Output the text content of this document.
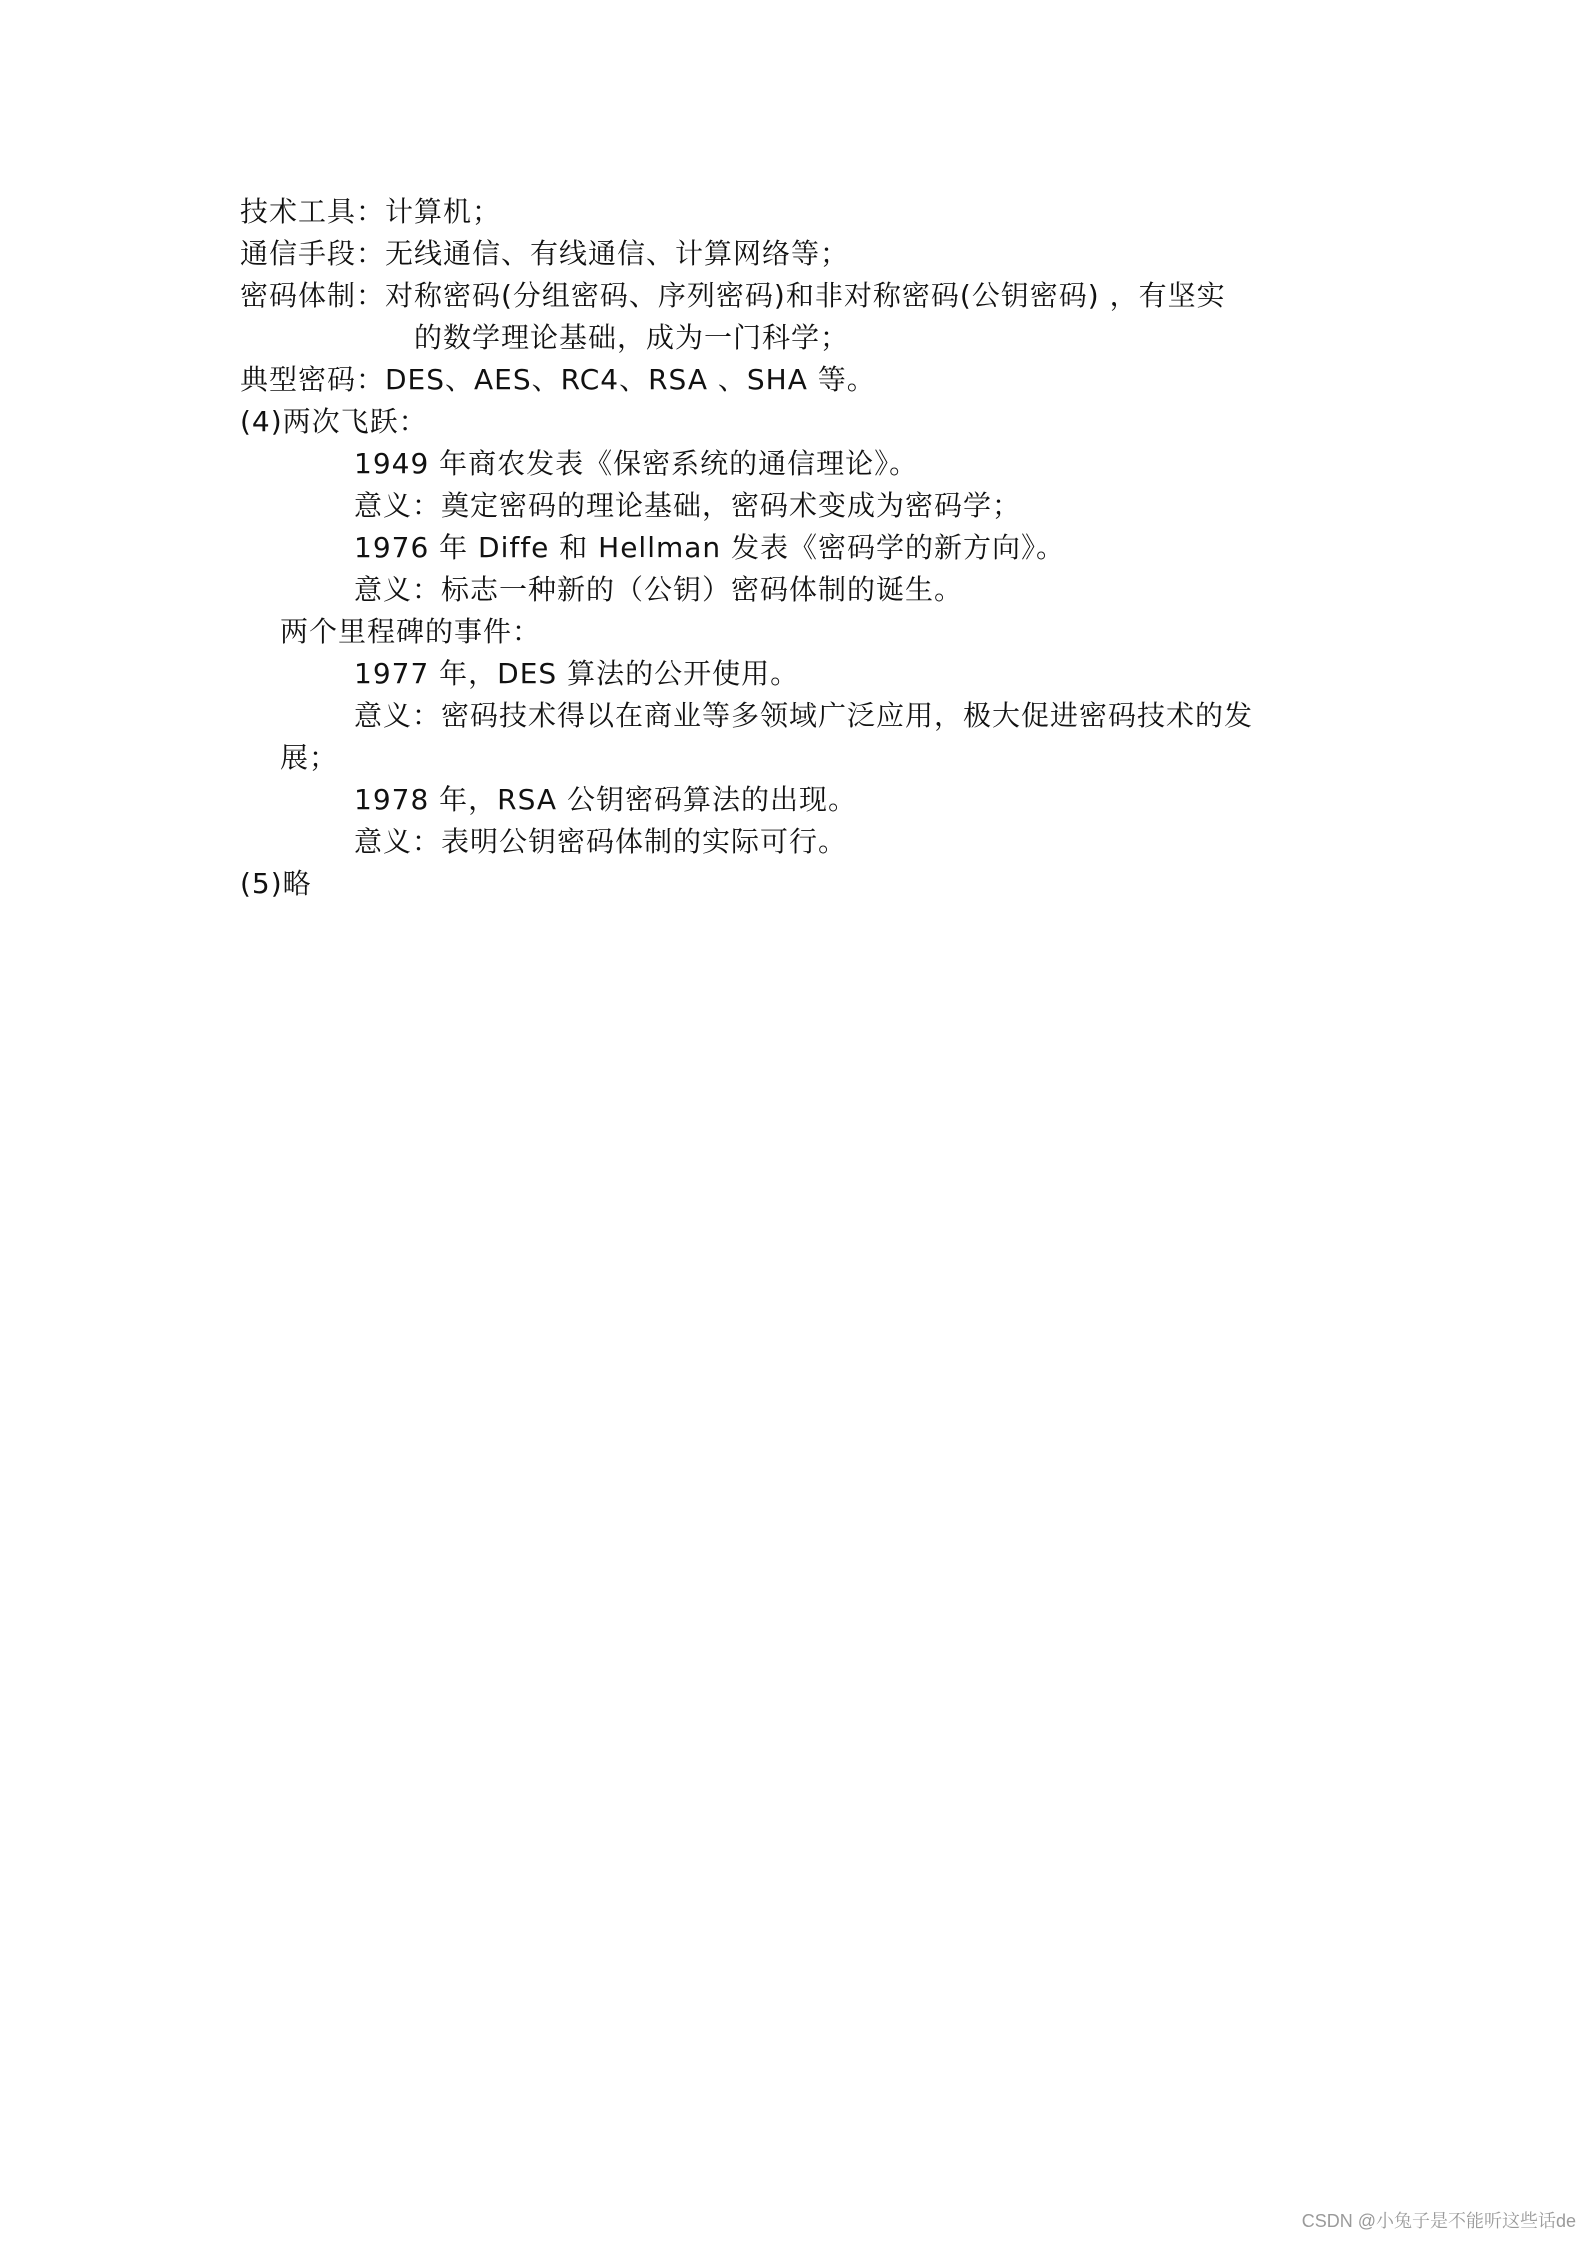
技术工具：计算机；
通信手段：无线通信、有线通信、计算网络等；
密码体制：对称密码(分组密码、序列密码)和非对称密码(公钥密码) ，有坚实
的数学理论基础，成为一门科学；
典型密码：DES、AES、RC4、RSA 、SHA 等。
(4)两次飞跃：
1949 年商农发表《保密系统的通信理论》。
意义：奠定密码的理论基础，密码术变成为密码学；
1976 年 Diffe 和 Hellman 发表《密码学的新方向》。
意义：标志一种新的（公钥）密码体制的诞生。
两个里程碑的事件：
1977 年，DES 算法的公开使用。
意义：密码技术得以在商业等多领域广泛应用，极大促进密码技术的发
展；
1978 年，RSA 公钥密码算法的出现。
意义：表明公钥密码体制的实际可行。
(5)略
CSDN @小兔子是不能听这些话de
